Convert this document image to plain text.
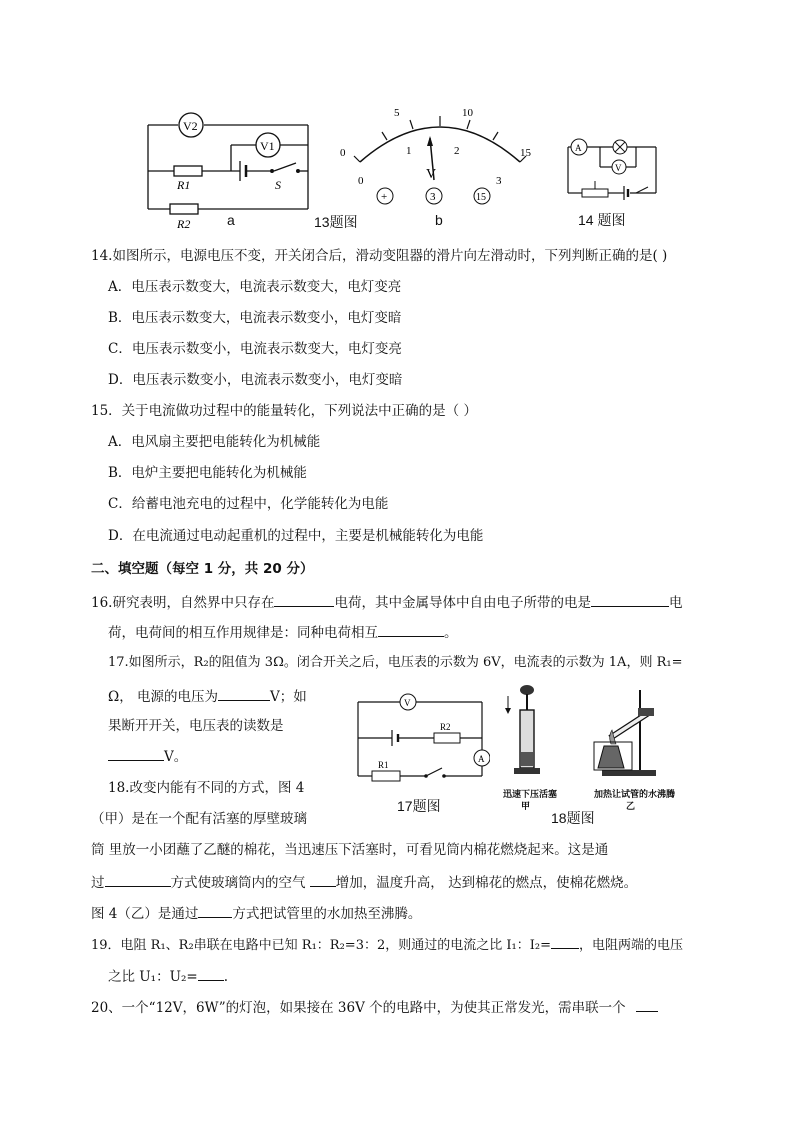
V2
V1
R1	S
R2	a
0
5	10
15
0
1	2
3
V
+	3	15
13题图	b
A
V
14 题图
14.如图所示，电源电压不变，开关闭合后，滑动变阻器的滑片向左滑动时，下列判断正确的是( )
A．电压表示数变大，电流表示数变大，电灯变亮
B．电压表示数变大，电流表示数变小，电灯变暗
C．电压表示数变小，电流表示数变大，电灯变亮
D．电压表示数变小，电流表示数变小，电灯变暗
15．关于电流做功过程中的能量转化，下列说法中正确的是（ ）
A．电风扇主要把电能转化为机械能
B．电炉主要把电能转化为机械能
C．给蓄电池充电的过程中，化学能转化为电能
D．在电流通过电动起重机的过程中，主要是机械能转化为电能
二、填空题（每空 1 分，共 20 分）
16.研究表明，自然界中只存在	电荷，其中金属导体中自由电子所带的电是	电
荷，电荷间的相互作用规律是：同种电荷相互	。
17.如图所示，R₂的阻值为 3Ω。闭合开关之后，电压表的示数为 6V，电流表的示数为 1A，则 R₁=
Ω， 电源的电压为	V；如
果断开开关，电压表的读数是
V。
V
R2
A
R1
17题图
迅速下压活塞
甲
加热让试管的水沸腾
乙
18题图
18.改变内能有不同的方式，图 4
（甲）是在一个配有活塞的厚壁玻璃
筒 里放一小团蘸了乙醚的棉花，当迅速压下活塞时，可看见筒内棉花燃烧起来。这是通
过	方式使玻璃筒内的空气 增加，温度升高， 达到棉花的燃点，使棉花燃烧。
图 4（乙）是通过	方式把试管里的水加热至沸腾。
19．电阻 R₁、R₂串联在电路中已知 R₁：R₂=3：2，则通过的电流之比 I₁：I₂= ，电阻两端的电压
之比 U₁：U₂= .
20、一个“12V，6W”的灯泡，如果接在 36V 个的电路中，为使其正常发光，需串联一个
